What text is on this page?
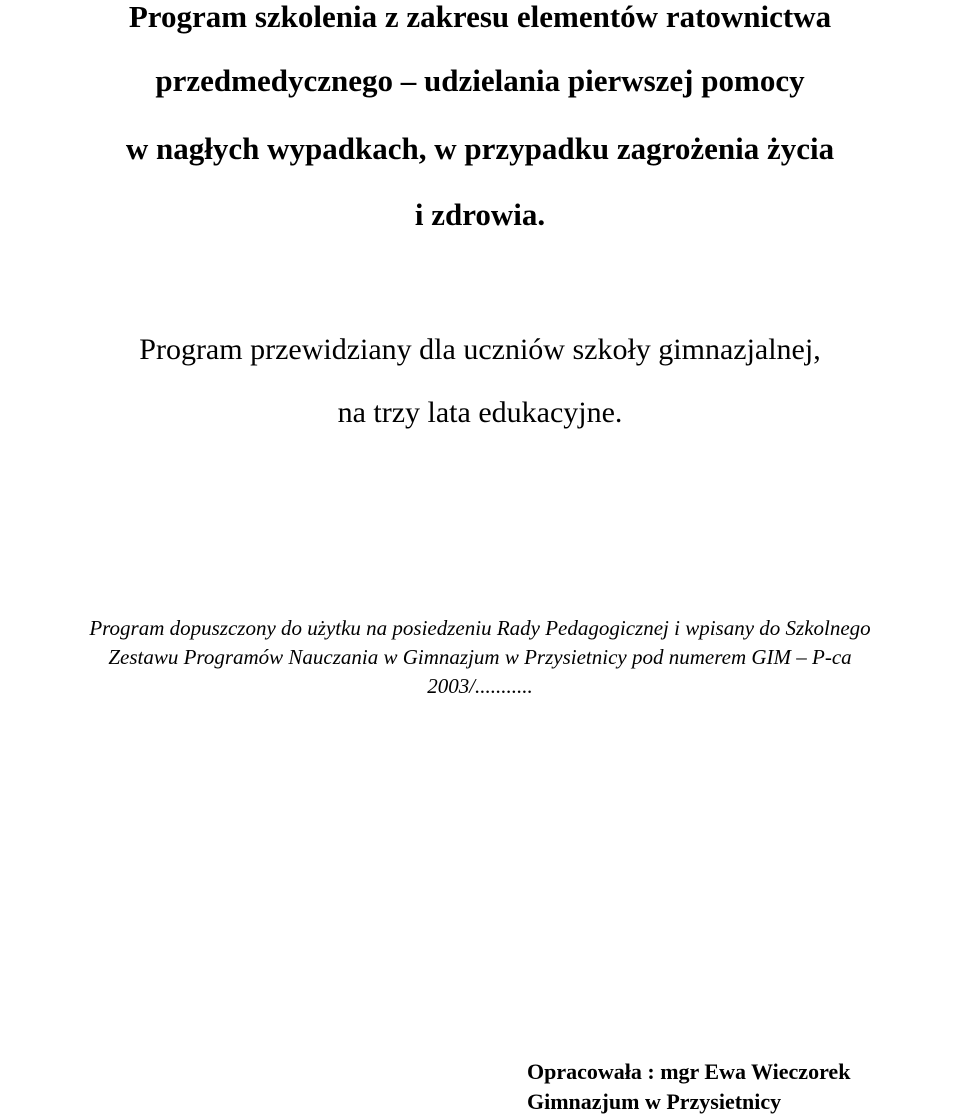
Program szkolenia z zakresu elementów ratownictwa
przedmedycznego – udzielania pierwszej pomocy
w nagłych wypadkach, w przypadku zagrożenia życia
i zdrowia.
Program przewidziany dla uczniów szkoły gimnazjalnej,
na trzy lata edukacyjne.
Program dopuszczony do użytku na posiedzeniu Rady Pedagogicznej i wpisany do Szkolnego
Zestawu Programów Nauczania w Gimnazjum w Przysietnicy pod numerem GIM – P-ca
2003/...........
Opracowała : mgr Ewa Wieczorek
Gimnazjum w Przysietnicy
